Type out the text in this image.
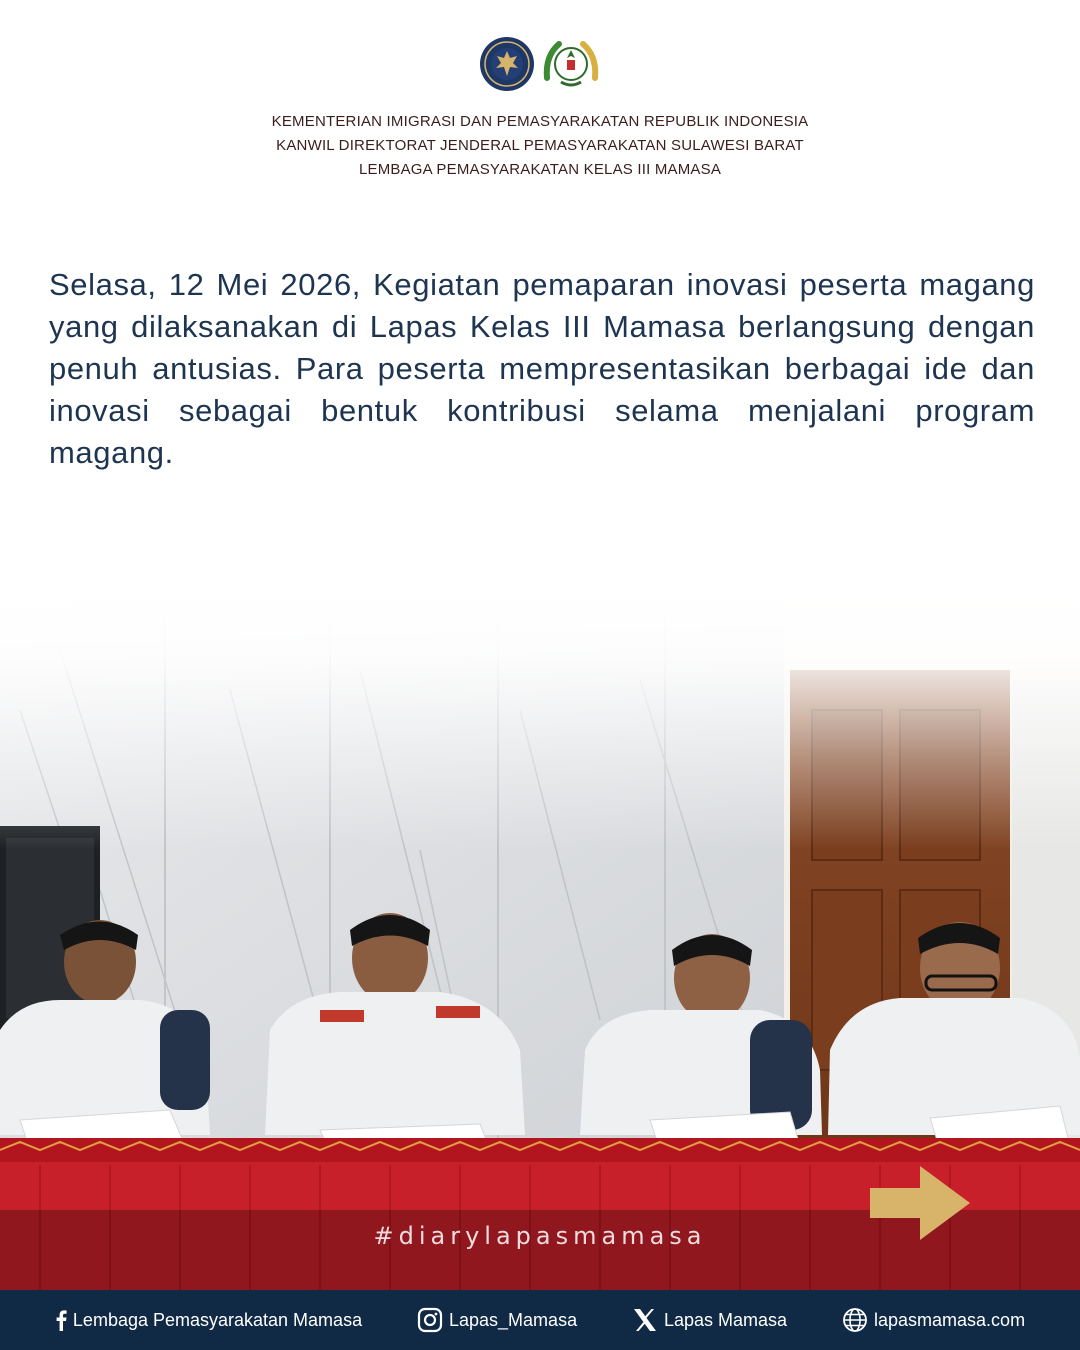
KEMENTERIAN IMIGRASI DAN PEMASYARAKATAN REPUBLIK INDONESIA
KANWIL DIREKTORAT JENDERAL PEMASYARAKATAN SULAWESI BARAT
LEMBAGA PEMASYARAKATAN KELAS III MAMASA
Selasa, 12 Mei 2026, Kegiatan pemaparan inovasi peserta magang yang dilaksanakan di Lapas Kelas III Mamasa berlangsung dengan penuh antusias. Para peserta mempresentasikan berbagai ide dan inovasi sebagai bentuk kontribusi selama menjalani program magang.
#diarylapasmamasa
Lembaga Pemasyarakatan Mamasa	Lapas_Mamasa	Lapas Mamasa	lapasmamasa.com
